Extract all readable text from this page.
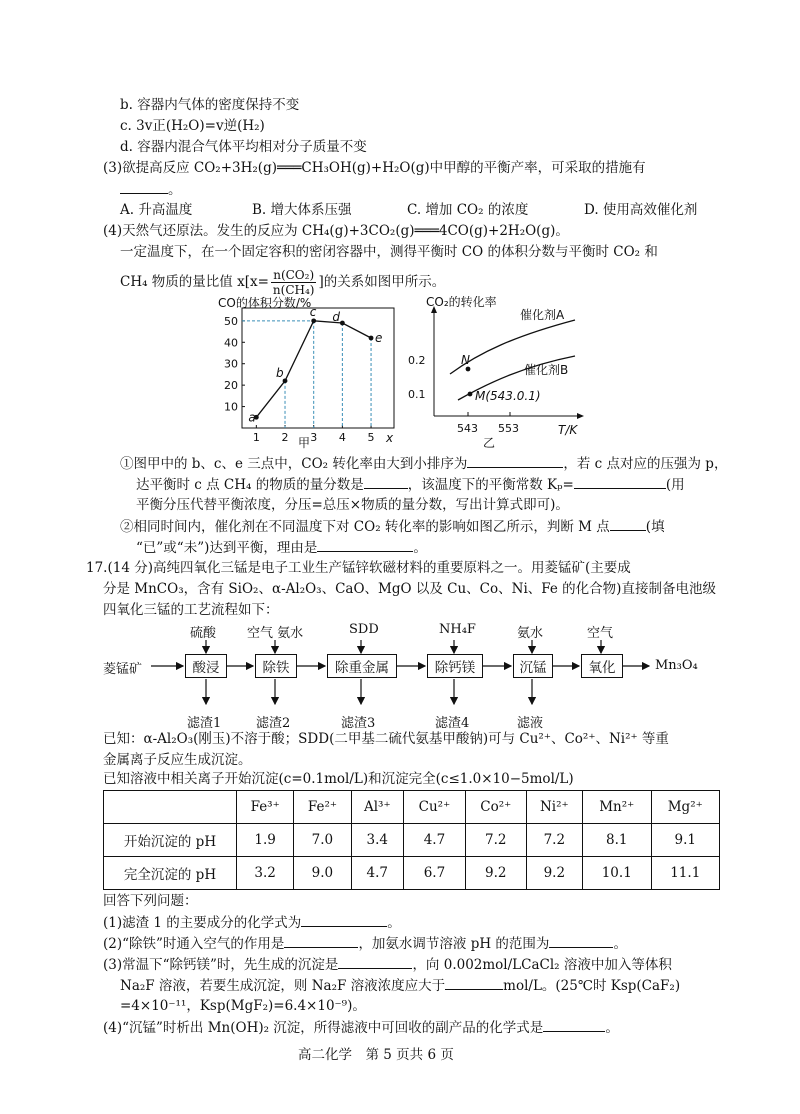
b. 容器内气体的密度保持不变
c. 3v正(H₂O)=v逆(H₂)
d. 容器内混合气体平均相对分子质量不变
(3)欲提高反应 CO₂+3H₂(g)═══CH₃OH(g)+H₂O(g)中甲醇的平衡产率，可采取的措施有
。
A. 升高温度	B. 增大体系压强	C. 增加 CO₂ 的浓度	D. 使用高效催化剂
(4)天然气还原法。发生的反应为 CH₄(g)+3CO₂(g)═══4CO(g)+2H₂O(g)。
一定温度下，在一个固定容积的密闭容器中，测得平衡时 CO 的体积分数与平衡时 CO₂ 和
CH₄ 物质的量比值 $x[x= \frac{\text{n(CO₂)}}{\text{n(CH₄)}}$ ]的关系如图甲所示。
CO的体积分数/%
10
20
30
40
50
1 2 3 4 5
a
b
c d
e
x
甲
CO₂的转化率
T/K
催化剂A
催化剂B
0.2
0.1
543 553
N
M(543.0.1)
乙
①图甲中的 b、c、e 三点中，CO₂ 转化率由大到小排序为	，若 c 点对应的压强为 p，
达平衡时 c 点 CH₄ 的物质的量分数是	，该温度下的平衡常数 Kₚ=	(用
平衡分压代替平衡浓度，分压=总压×物质的量分数，写出计算式即可)。
②相同时间内，催化剂在不同温度下对 CO₂ 转化率的影响如图乙所示，判断 M 点	(填
“已”或“未”)达到平衡，理由是	。
17.(14 分)高纯四氧化三锰是电子工业生产锰锌软磁材料的重要原料之一。用菱锰矿(主要成
分是 MnCO₃，含有 SiO₂、α-Al₂O₃、CaO、MgO 以及 Cu、Co、Ni、Fe 的化合物)直接制备电池级
四氧化三锰的工艺流程如下：
菱锰矿	Mn₃O₄
酸浸	除铁	除重金属	除钙镁	沉锰	氧化
硫酸 空气 氨水	SDD	NH₄F	氨水	空气
滤渣1	滤渣2	滤渣3	滤渣4	滤液
已知：α-Al₂O₃(刚玉)不溶于酸；SDD(二甲基二硫代氨基甲酸钠)可与 Cu²⁺、Co²⁺、Ni²⁺ 等重
金属离子反应生成沉淀。
已知溶液中相关离子开始沉淀(c=0.1mol/L)和沉淀完全(c≤1.0×10−5mol/L)
	Fe³⁺	Fe²⁺	Al³⁺	Cu²⁺	Co²⁺	Ni²⁺	Mn²⁺	Mg²⁺
开始沉淀的 pH	1.9	7.0	3.4	4.7	7.2	7.2	8.1	9.1
完全沉淀的 pH	3.2	9.0	4.7	6.7	9.2	9.2	10.1	11.1
回答下列问题：
(1)滤渣 1 的主要成分的化学式为	。
(2)“除铁”时通入空气的作用是	，加氨水调节溶液 pH 的范围为	。
(3)常温下“除钙镁”时，先生成的沉淀是	，向 0.002mol/LCaCl₂ 溶液中加入等体积
Na₂F 溶液，若要生成沉淀，则 Na₂F 溶液浓度应大于	mol/L。(25℃时 Ksp(CaF₂)
=4×10⁻¹¹，Ksp(MgF₂)=6.4×10⁻⁹)。
(4)“沉锰”时析出 Mn(OH)₂ 沉淀，所得滤液中可回收的副产品的化学式是	。
高二化学　第 5 页共 6 页
